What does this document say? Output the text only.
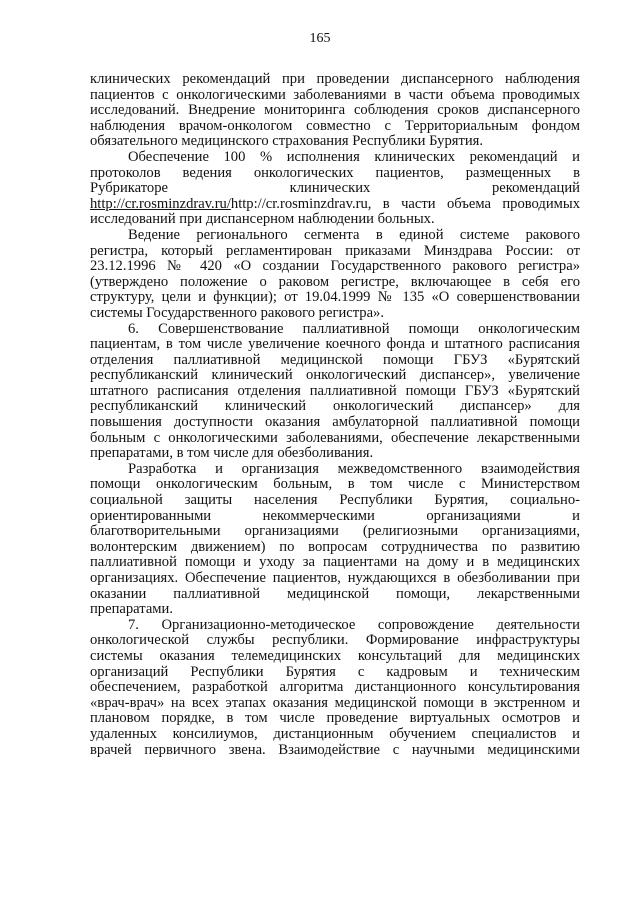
165
клинических рекомендаций при проведении диспансерного наблюдения
пациентов с онкологическими заболеваниями в части объема проводимых
исследований. Внедрение мониторинга соблюдения сроков диспансерного
наблюдения врачом-онкологом совместно с Территориальным фондом
обязательного медицинского страхования Республики Бурятия.
Обеспечение 100 % исполнения клинических рекомендаций и
протоколов ведения онкологических пациентов, размещенных в
Рубрикаторе клинических рекомендаций
http://cr.rosminzdrav.ru/http://cr.rosminzdrav.ru, в части объема проводимых
исследований при диспансерном наблюдении больных.
Ведение регионального сегмента в единой системе ракового
регистра, который регламентирован приказами Минздрава России: от
23.12.1996 № 420 «О создании Государственного ракового регистра»
(утверждено положение о раковом регистре, включающее в себя его
структуру, цели и функции); от 19.04.1999 № 135 «О совершенствовании
системы Государственного ракового регистра».
6. Совершенствование паллиативной помощи онкологическим
пациентам, в том числе увеличение коечного фонда и штатного расписания
отделения паллиативной медицинской помощи ГБУЗ «Бурятский
республиканский клинический онкологический диспансер», увеличение
штатного расписания отделения паллиативной помощи ГБУЗ «Бурятский
республиканский клинический онкологический диспансер» для
повышения доступности оказания амбулаторной паллиативной помощи
больным с онкологическими заболеваниями, обеспечение лекарственными
препаратами, в том числе для обезболивания.
Разработка и организация межведомственного взаимодействия
помощи онкологическим больным, в том числе с Министерством
социальной защиты населения Республики Бурятия, социально-
ориентированными некоммерческими организациями и
благотворительными организациями (религиозными организациями,
волонтерским движением) по вопросам сотрудничества по развитию
паллиативной помощи и уходу за пациентами на дому и в медицинских
организациях. Обеспечение пациентов, нуждающихся в обезболивании при
оказании паллиативной медицинской помощи, лекарственными
препаратами.
7. Организационно-методическое сопровождение деятельности
онкологической службы республики. Формирование инфраструктуры
системы оказания телемедицинских консультаций для медицинских
организаций Республики Бурятия с кадровым и техническим
обеспечением, разработкой алгоритма дистанционного консультирования
«врач-врач» на всех этапах оказания медицинской помощи в экстренном и
плановом порядке, в том числе проведение виртуальных осмотров и
удаленных консилиумов, дистанционным обучением специалистов и
врачей первичного звена. Взаимодействие с научными медицинскими
